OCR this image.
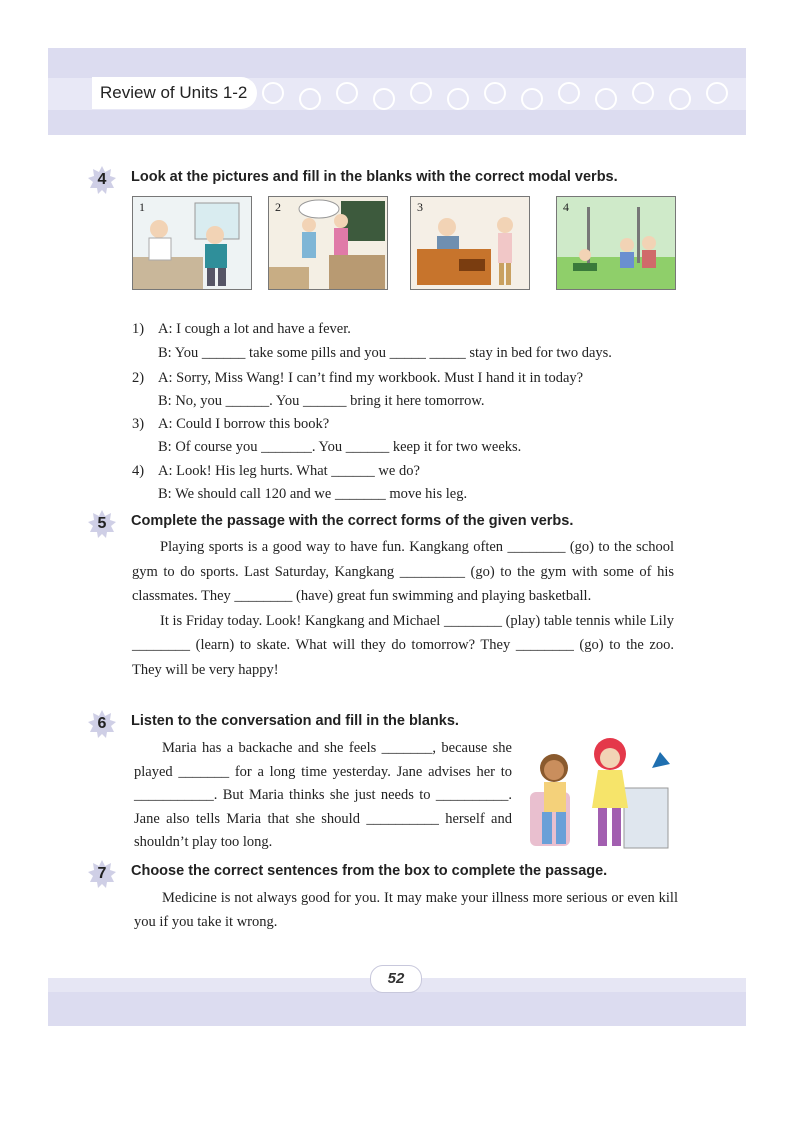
Review of Units 1-2
4	Look at the pictures and fill in the blanks with the correct modal verbs.
1	2	3	4
1) A: I cough a lot and have a fever.
B: You ______ take some pills and you _____ _____ stay in bed for two days.
2) A: Sorry, Miss Wang! I can’t find my workbook. Must I hand it in today?
B: No, you ______. You ______ bring it here tomorrow.
3) A: Could I borrow this book?
B: Of course you _______. You ______ keep it for two weeks.
4) A: Look! His leg hurts. What ______ we do?
B: We should call 120 and we _______ move his leg.
5	Complete the passage with the correct forms of the given verbs.

Playing sports is a good way to have fun. Kangkang often ________ (go) to the school gym to do sports. Last Saturday, Kangkang _________ (go) to the gym with some of his classmates. They ________ (have) great fun swimming and playing basketball.

It is Friday today. Look! Kangkang and Michael ________ (play) table tennis while Lily ________ (learn) to skate. What will they do tomorrow? They ________ (go) to the zoo. They will be very happy!

6	Listen to the conversation and fill in the blanks.

Maria has a backache and she feels _______, because she played _______ for a long time yesterday. Jane advises her to ___________. But Maria thinks she just needs to __________. Jane also tells Maria that she should __________ herself and shouldn’t play too long.

7	Choose the correct sentences from the box to complete the passage.

Medicine is not always good for you. It may make your illness more serious or even kill you if you take it wrong.

52
